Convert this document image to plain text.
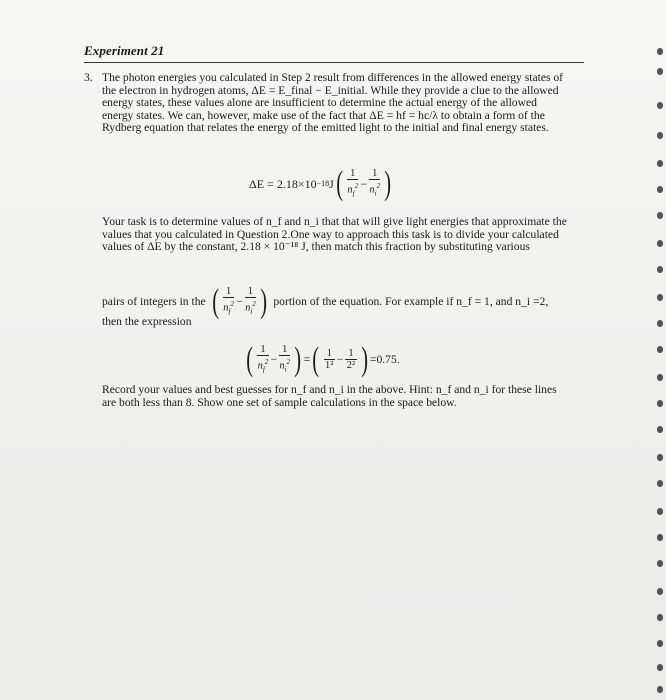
Experiment 21
3. The photon energies you calculated in Step 2 result from differences in the allowed energy states of the electron in hydrogen atoms, ΔE = E_final − E_initial. While they provide a clue to the allowed energy states, these values alone are insufficient to determine the actual energy of the allowed energy states. We can, however, make use of the fact that ΔE = hf = hc/λ to obtain a form of the Rydberg equation that relates the energy of the emitted light to the initial and final energy states.
ΔE = 2.18×10 −18 J ( $\frac{1}{n_f^2} - \frac{1}{n_i^2}$ )
Your task is to determine values of n_f and n_i that that will give light energies that approximate the values that you calculated in Question 2.One way to approach this task is to divide your calculated values of ΔE by the constant, 2.18 × 10⁻¹⁸ J, then match this fraction by substituting various
pairs of integers in the ( $\frac{1}{n_f^2} - \frac{1}{n_i^2}$ ) portion of the equation. For example if n_f = 1, and n_i =2,
then the expression
( $\frac{1}{n_f^2} - \frac{1}{n_i^2}$ ) = ( $\frac{1}{\text{1²}} - \frac{1}{\text{2²}}$ ) =0.75.
Record your values and best guesses for n_f and n_i in the above. Hint: n_f and n_i for these lines are both less than 8. Show one set of sample calculations in the space below.
